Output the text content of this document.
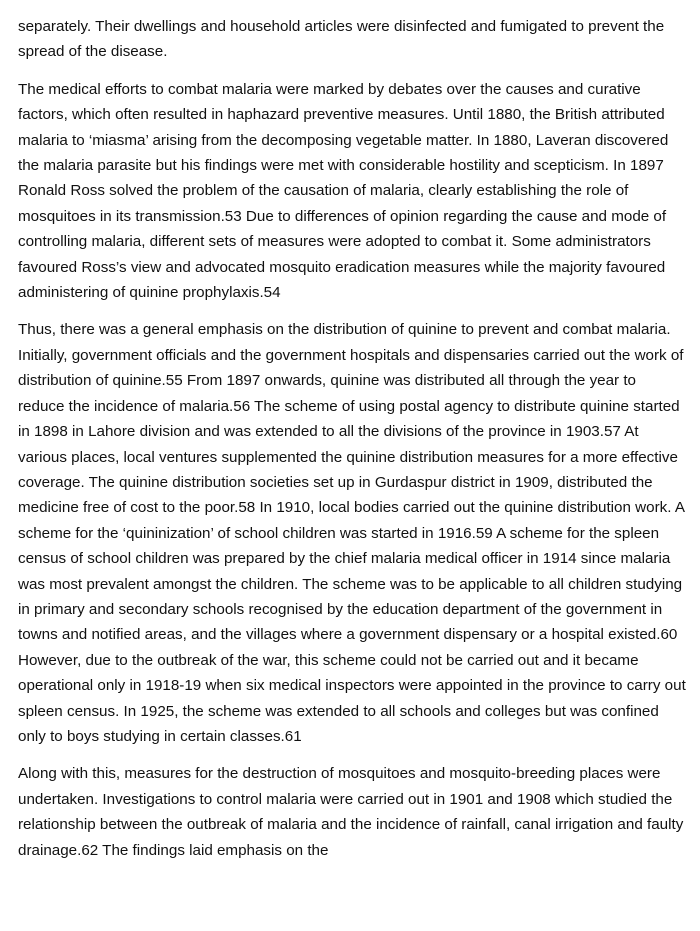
separately. Their dwellings and household articles were disinfected and fumigated to prevent the spread of the disease.

The medical efforts to combat malaria were marked by debates over the causes and curative factors, which often resulted in haphazard preventive measures. Until 1880, the British attributed malaria to ‘miasma’ arising from the decomposing vegetable matter. In 1880, Laveran discovered the malaria parasite but his findings were met with considerable hostility and scepticism. In 1897 Ronald Ross solved the problem of the causation of malaria, clearly establishing the role of mosquitoes in its transmission.53 Due to differences of opinion regarding the cause and mode of controlling malaria, different sets of measures were adopted to combat it. Some administrators favoured Ross’s view and advocated mosquito eradication measures while the majority favoured administering of quinine prophylaxis.54

Thus, there was a general emphasis on the distribution of quinine to prevent and combat malaria. Initially, government officials and the government hospitals and dispensaries carried out the work of distribution of quinine.55 From 1897 onwards, quinine was distributed all through the year to reduce the incidence of malaria.56 The scheme of using postal agency to distribute quinine started in 1898 in Lahore division and was extended to all the divisions of the province in 1903.57 At various places, local ventures supplemented the quinine distribution measures for a more effective coverage. The quinine distribution societies set up in Gurdaspur district in 1909, distributed the medicine free of cost to the poor.58 In 1910, local bodies carried out the quinine distribution work. A scheme for the ‘quininization’ of school children was started in 1916.59 A scheme for the spleen census of school children was prepared by the chief malaria medical officer in 1914 since malaria was most prevalent amongst the children. The scheme was to be applicable to all children studying in primary and secondary schools recognised by the education department of the government in towns and notified areas, and the villages where a government dispensary or a hospital existed.60 However, due to the outbreak of the war, this scheme could not be carried out and it became operational only in 1918-19 when six medical inspectors were appointed in the province to carry out spleen census. In 1925, the scheme was extended to all schools and colleges but was confined only to boys studying in certain classes.61

Along with this, measures for the destruction of mosquitoes and mosquito-breeding places were undertaken. Investigations to control malaria were carried out in 1901 and 1908 which studied the relationship between the outbreak of malaria and the incidence of rainfall, canal irrigation and faulty drainage.62 The findings laid emphasis on the
